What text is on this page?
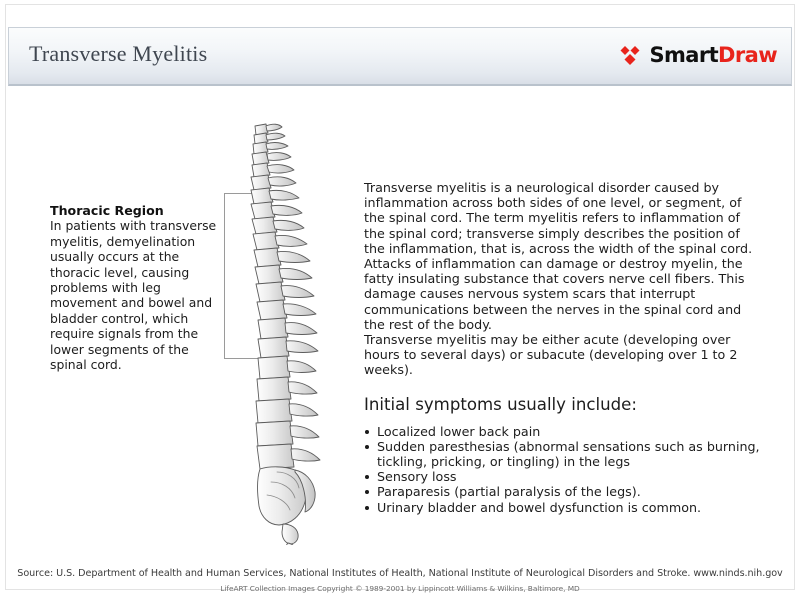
Transverse Myelitis	SmartDraw
Thoracic Region
In patients with transverse myelitis, demyelination usually occurs at the thoracic level, causing problems with leg movement and bowel and bladder control, which require signals from the lower segments of the spinal cord.

Transverse myelitis is a neurological disorder caused by inflammation across both sides of one level, or segment, of the spinal cord. The term myelitis refers to inflammation of the spinal cord; transverse simply describes the position of the inflammation, that is, across the width of the spinal cord. Attacks of inflammation can damage or destroy myelin, the fatty insulating substance that covers nerve cell fibers. This damage causes nervous system scars that interrupt communications between the nerves in the spinal cord and the rest of the body.

Transverse myelitis may be either acute (developing over hours to several days) or subacute (developing over 1 to 2 weeks).

Initial symptoms usually include:
Localized lower back pain
Sudden paresthesias (abnormal sensations such as burning, tickling, pricking, or tingling) in the legs
Sensory loss
Paraparesis (partial paralysis of the legs).
Urinary bladder and bowel dysfunction is common.
Source: U.S. Department of Health and Human Services, National Institutes of Health, National Institute of Neurological Disorders and Stroke. www.ninds.nih.gov
LifeART Collection Images Copyright © 1989-2001 by Lippincott Williams & Wilkins, Baltimore, MD
